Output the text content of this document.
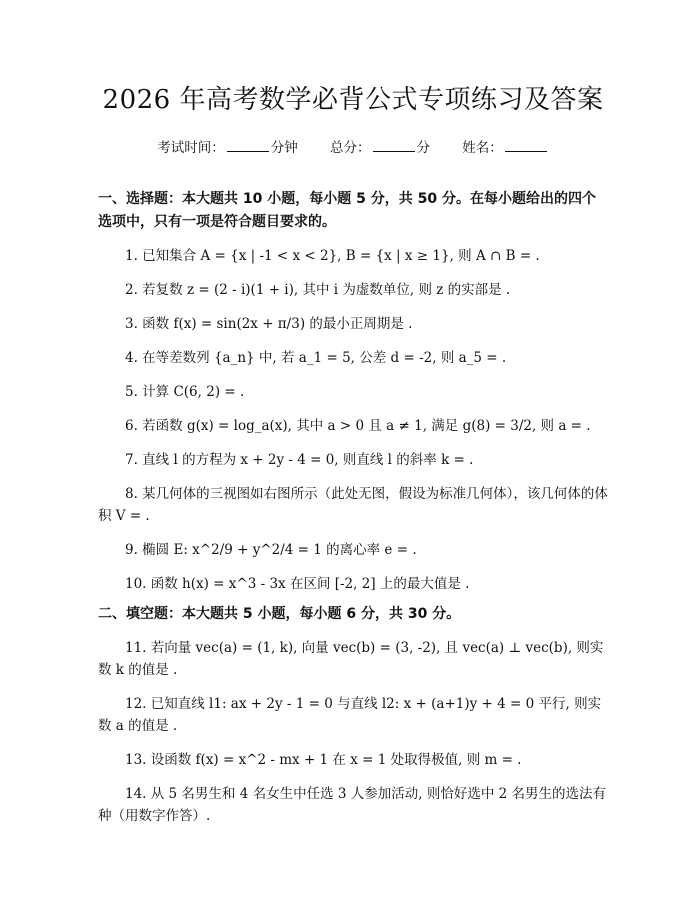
2026 年高考数学必背公式专项练习及答案
考试时间：	分钟 总分：	分 姓名：

一、选择题：本大题共 10 小题，每小题 5 分，共 50 分。在每小题给出的四个选项中，只有一项是符合题目要求的。

1. 已知集合 A = {x | -1 < x < 2}, B = {x | x ≥ 1}, 则 A ∩ B = .

2. 若复数 z = (2 - i)(1 + i), 其中 i 为虚数单位, 则 z 的实部是 .

3. 函数 f(x) = sin(2x + π/3) 的最小正周期是 .

4. 在等差数列 {a_n} 中, 若 a_1 = 5, 公差 d = -2, 则 a_5 = .

5. 计算 C(6, 2) = .

6. 若函数 g(x) = log_a(x), 其中 a > 0 且 a ≠ 1, 满足 g(8) = 3/2, 则 a = .

7. 直线 l 的方程为 x + 2y - 4 = 0, 则直线 l 的斜率 k = .

8. 某几何体的三视图如右图所示（此处无图，假设为标准几何体），该几何体的体积 V = .

9. 椭圆 E: x^2/9 + y^2/4 = 1 的离心率 e = .

10. 函数 h(x) = x^3 - 3x 在区间 [-2, 2] 上的最大值是 .

二、填空题：本大题共 5 小题，每小题 6 分，共 30 分。

11. 若向量 vec(a) = (1, k), 向量 vec(b) = (3, -2), 且 vec(a) ⊥ vec(b), 则实数 k 的值是 .

12. 已知直线 l1: ax + 2y - 1 = 0 与直线 l2: x + (a+1)y + 4 = 0 平行, 则实数 a 的值是 .

13. 设函数 f(x) = x^2 - mx + 1 在 x = 1 处取得极值, 则 m = .

14. 从 5 名男生和 4 名女生中任选 3 人参加活动, 则恰好选中 2 名男生的选法有种（用数字作答）.
